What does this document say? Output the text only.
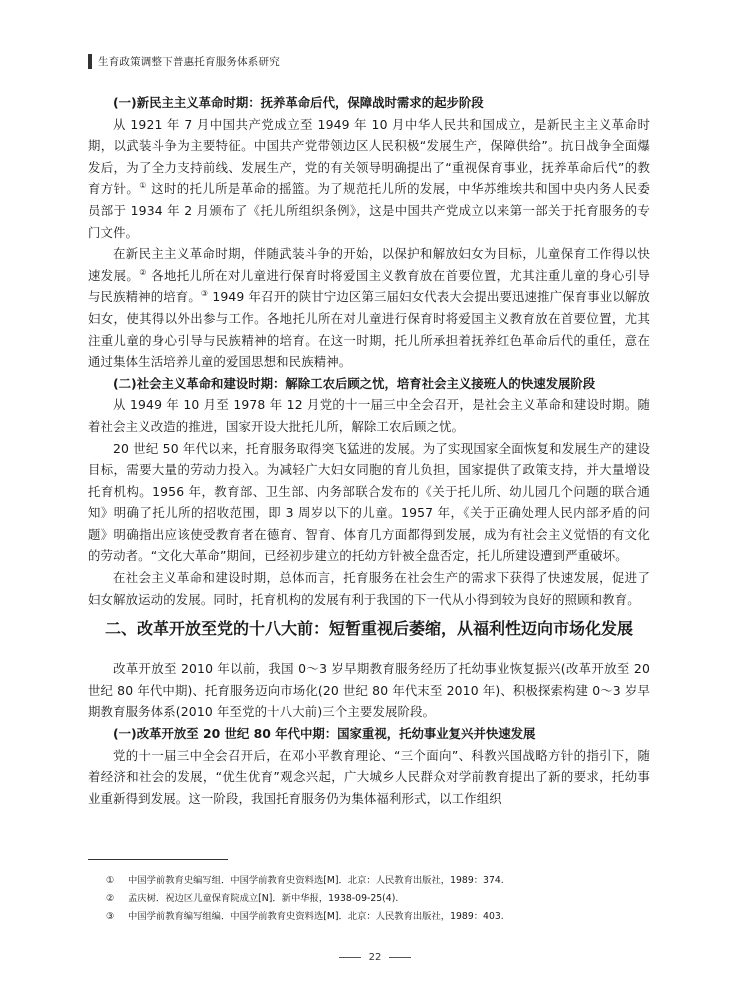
生育政策调整下普惠托育服务体系研究

(一)新民主主义革命时期：抚养革命后代，保障战时需求的起步阶段

从 1921 年 7 月中国共产党成立至 1949 年 10 月中华人民共和国成立，是新民主主义革命时期，以武装斗争为主要特征。中国共产党带领边区人民积极“发展生产，保障供给”。抗日战争全面爆发后，为了全力支持前线、发展生产，党的有关领导明确提出了“重视保育事业，抚养革命后代”的教育方针。① 这时的托儿所是革命的摇篮。为了规范托儿所的发展，中华苏维埃共和国中央内务人民委员部于 1934 年 2 月颁布了《托儿所组织条例》，这是中国共产党成立以来第一部关于托育服务的专门文件。

在新民主主义革命时期，伴随武装斗争的开始，以保护和解放妇女为目标，儿童保育工作得以快速发展。② 各地托儿所在对儿童进行保育时将爱国主义教育放在首要位置，尤其注重儿童的身心引导与民族精神的培育。③ 1949 年召开的陕甘宁边区第三届妇女代表大会提出要迅速推广保育事业以解放妇女，使其得以外出参与工作。各地托儿所在对儿童进行保育时将爱国主义教育放在首要位置，尤其注重儿童的身心引导与民族精神的培育。在这一时期，托儿所承担着抚养红色革命后代的重任，意在通过集体生活培养儿童的爱国思想和民族精神。

(二)社会主义革命和建设时期：解除工农后顾之忧，培育社会主义接班人的快速发展阶段

从 1949 年 10 月至 1978 年 12 月党的十一届三中全会召开，是社会主义革命和建设时期。随着社会主义改造的推进，国家开设大批托儿所，解除工农后顾之忧。

20 世纪 50 年代以来，托育服务取得突飞猛进的发展。为了实现国家全面恢复和发展生产的建设目标，需要大量的劳动力投入。为减轻广大妇女同胞的育儿负担，国家提供了政策支持，并大量增设托育机构。1956 年，教育部、卫生部、内务部联合发布的《关于托儿所、幼儿园几个问题的联合通知》明确了托儿所的招收范围，即 3 周岁以下的儿童。1957 年，《关于正确处理人民内部矛盾的问题》明确指出应该使受教育者在德育、智育、体育几方面都得到发展，成为有社会主义觉悟的有文化的劳动者。“文化大革命”期间，已经初步建立的托幼方针被全盘否定，托儿所建设遭到严重破坏。

在社会主义革命和建设时期，总体而言，托育服务在社会生产的需求下获得了快速发展，促进了妇女解放运动的发展。同时，托育机构的发展有利于我国的下一代从小得到较为良好的照顾和教育。

二、改革开放至党的十八大前：短暂重视后萎缩，从福利性迈向市场化发展

改革开放至 2010 年以前，我国 0～3 岁早期教育服务经历了托幼事业恢复振兴(改革开放至 20 世纪 80 年代中期)、托育服务迈向市场化(20 世纪 80 年代末至 2010 年)、积极探索构建 0～3 岁早期教育服务体系(2010 年至党的十八大前)三个主要发展阶段。

(一)改革开放至 20 世纪 80 年代中期：国家重视，托幼事业复兴并快速发展

党的十一届三中全会召开后，在邓小平教育理论、“三个面向”、科教兴国战略方针的指引下，随着经济和社会的发展，“优生优育”观念兴起，广大城乡人民群众对学前教育提出了新的要求，托幼事业重新得到发展。这一阶段，我国托育服务仍为集体福利形式，以工作组织

①	中国学前教育史编写组．中国学前教育史资料选[M]．北京：人民教育出版社，1989：374.
②	孟庆树．祝边区儿童保育院成立[N]．新中华报，1938-09-25(4).
③	中国学前教育编写组编．中国学前教育史资料选[M]．北京：人民教育出版社，1989：403.
22
